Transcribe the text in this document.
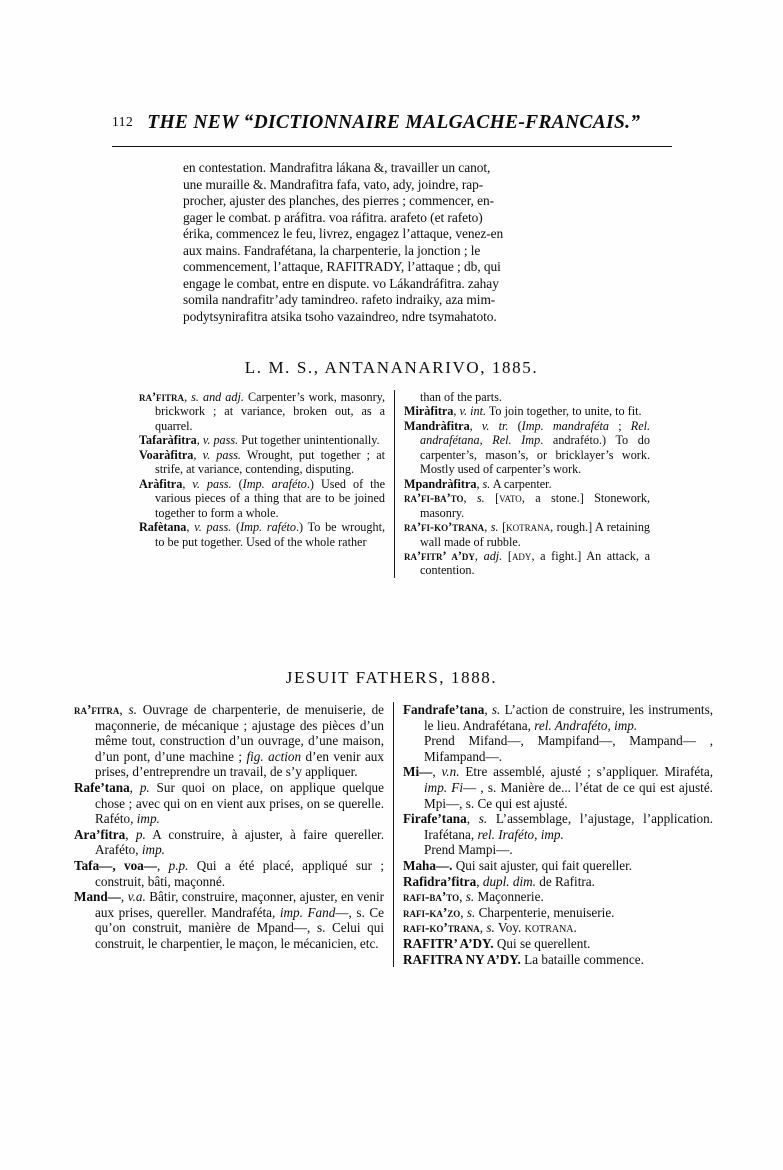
112 THE NEW “DICTIONNAIRE MALGACHE-FRANCAIS.”
en contestation. Mandrafitra lákana &, travailler un canot,
une muraille &. Mandrafitra fafa, vato, ady, joindre, rap-
procher, ajuster des planches, des pierres ; commencer, en-
gager le combat. p aráfitra. voa ráfitra. arafeto (et rafeto)
érika, commencez le feu, livrez, engagez l’attaque, venez-en
aux mains. Fandrafétana, la charpenterie, la jonction ; le
commencement, l’attaque, RAFITRADY, l’attaque ; db, qui
engage le combat, entre en dispute. vo Lákandráfitra. zahay
somila nandrafitr’ady tamindreo. rafeto indraiky, aza mim-
podytsynirafitra atsika tsoho vazaindreo, ndre tsymahatoto.
L. M. S., ANTANANARIVO, 1885.

ra’fitra, s. and adj. Carpenter’s work, masonry, brickwork ; at variance, broken out, as a quarrel.

Tafaràfitra, v. pass. Put together unintentionally.

Voaràfitra, v. pass. Wrought, put together ; at strife, at variance, contending, disputing.

Aràfitra, v. pass. (Imp. araféto.) Used of the various pieces of a thing that are to be joined together to form a whole.

Rafètana, v. pass. (Imp. raféto.) To be wrought, to be put together. Used of the whole rather

than of the parts.

Miràfitra, v. int. To join together, to unite, to fit.

Mandràfitra, v. tr. (Imp. mandraféta ; Rel. andrafétana, Rel. Imp. andraféto.) To do carpenter’s, mason’s, or bricklayer’s work. Mostly used of carpenter’s work.

Mpandràfitra, s. A carpenter.

ra’fi-ba’to, s. [vato, a stone.] Stonework, masonry.

ra’fi-ko’trana, s. [kotrana, rough.] A retaining wall made of rubble.

ra’fitr’ a’dy, adj. [ady, a fight.] An attack, a contention.

JESUIT FATHERS, 1888.

ra’fitra, s. Ouvrage de charpenterie, de menuiserie, de maçonnerie, de mécanique ; ajustage des pièces d’un même tout, construction d’un ouvrage, d’une maison, d’un pont, d’une machine ; fig. action d’en venir aux prises, d’entreprendre un travail, de s’y appliquer.

Rafe’tana, p. Sur quoi on place, on applique quelque chose ; avec qui on en vient aux prises, on se querelle. Raféto, imp.

Ara’fitra, p. A construire, à ajuster, à faire quereller. Araféto, imp.

Tafa—, voa—, p.p. Qui a été placé, appliqué sur ; construit, bâti, maçonné.

Mand—, v.a. Bâtir, construire, maçonner, ajuster, en venir aux prises, quereller. Mandraféta, imp. Fand—, s. Ce qu’on construit, manière de Mpand—, s. Celui qui construit, le charpentier, le maçon, le mécanicien, etc.

Fandrafe’tana, s. L’action de construire, les instruments, le lieu. Andrafétana, rel. Andraféto, imp.

Prend Mifand—, Mampifand—, Mampand— , Mifampand—.

Mi—, v.n. Etre assemblé, ajusté ; s’appliquer. Miraféta, imp. Fi— , s. Manière de... l’état de ce qui est ajusté. Mpi—, s. Ce qui est ajusté.

Firafe’tana, s. L’assemblage, l’ajustage, l’application. Irafétana, rel. Iraféto, imp.

Prend Mampi—.

Maha—. Qui sait ajuster, qui fait quereller.

Rafidra’fitra, dupl. dim. de Rafitra.

rafi-ba’to, s. Maçonnerie.

rafi-ka’zo, s. Charpenterie, menuiserie.

rafi-ko’trana, s. Voy. kotrana.

RAFITR’ A’DY. Qui se querellent.

RAFITRA NY A’DY. La bataille commence.
